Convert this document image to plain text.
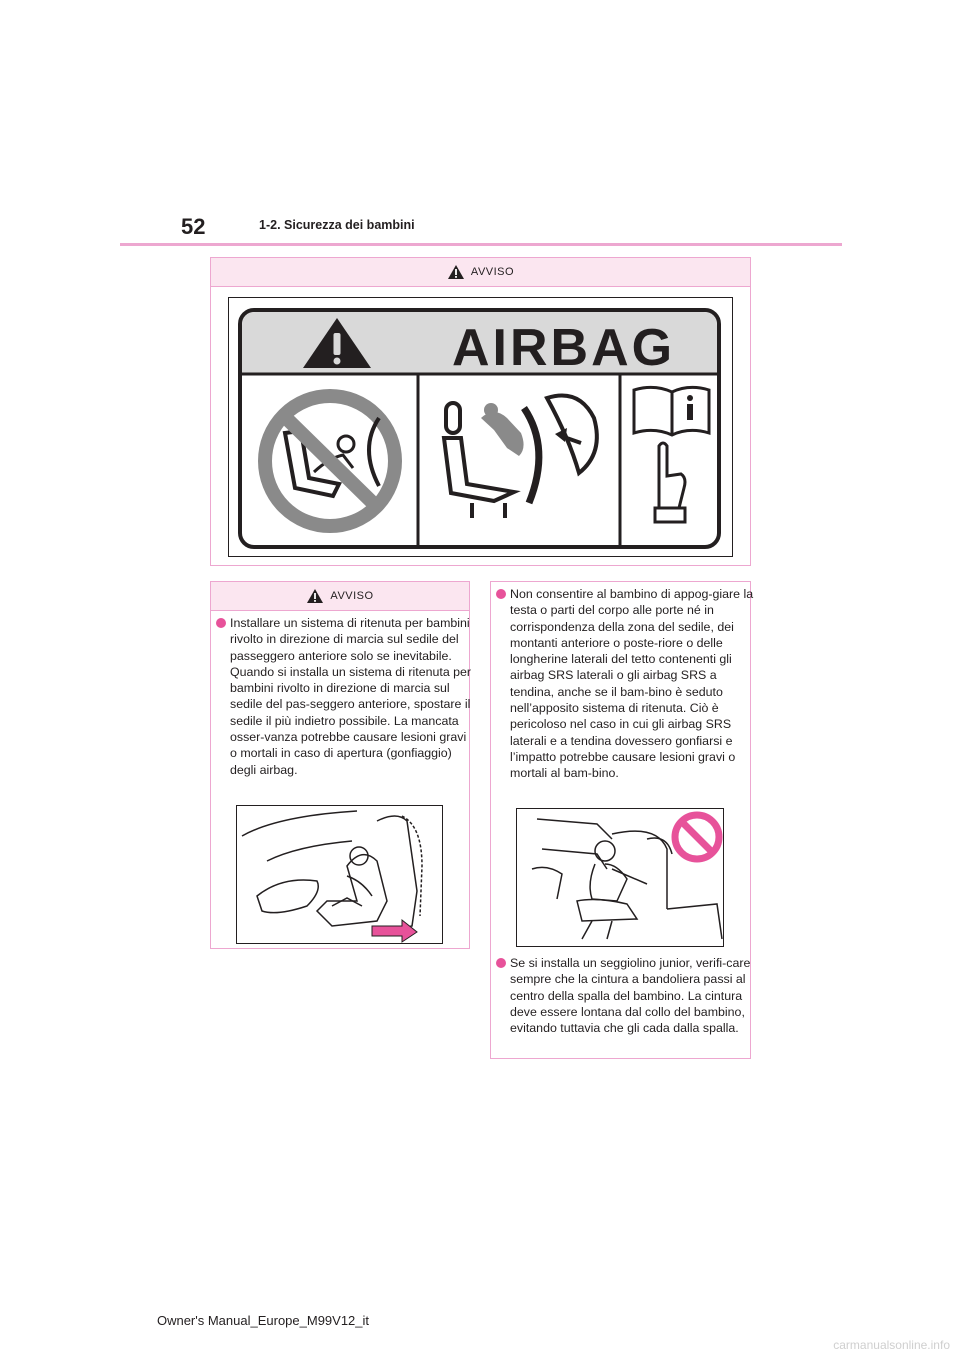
52	1-2. Sicurezza dei bambini
AVVISO
AIRBAG
AVVISO
Installare un sistema di ritenuta per bambini rivolto in direzione di marcia sul sedile del passeggero anteriore solo se inevitabile. Quando si installa un sistema di ritenuta per bambini rivolto in direzione di marcia sul sedile del pas-seggero anteriore, spostare il sedile il più indietro possibile. La mancata osser-vanza potrebbe causare lesioni gravi o mortali in caso di apertura (gonfiaggio) degli airbag.
Non consentire al bambino di appog-giare la testa o parti del corpo alle porte né in corrispondenza della zona del sedile, dei montanti anteriore o poste-riore o delle longherine laterali del tetto contenenti gli airbag SRS laterali o gli airbag SRS a tendina, anche se il bam-bino è seduto nell’apposito sistema di ritenuta. Ciò è pericoloso nel caso in cui gli airbag SRS laterali e a tendina dovessero gonfiarsi e l’impatto potrebbe causare lesioni gravi o mortali al bam-bino.
Se si installa un seggiolino junior, verifi-care sempre che la cintura a bandoliera passi al centro della spalla del bambino. La cintura deve essere lontana dal collo del bambino, evitando tuttavia che gli cada dalla spalla.
Owner's Manual_Europe_M99V12_it
carmanualsonline.info
